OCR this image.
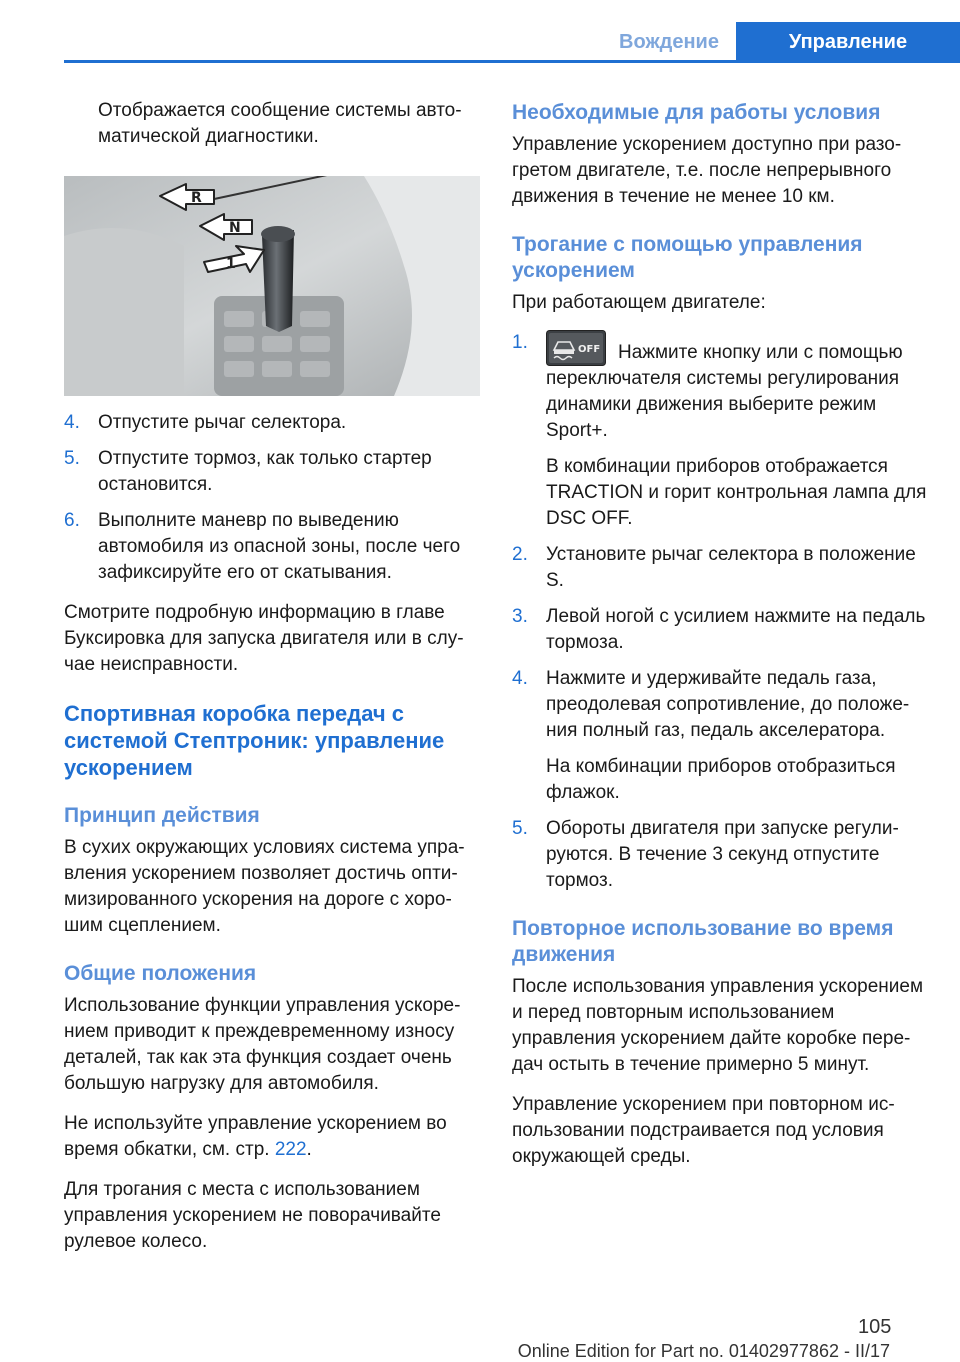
Вождение	Управление

Отображается сообщение системы автоматической диагностики.

R
N
1
4. Отпустите рычаг селектора.
5. Отпустите тормоз, как только стартер остановится.
6. Выполните маневр по выведению автомобиля из опасной зоны, после чего зафиксируйте его от скатывания.

Смотрите подробную информацию в главе Буксировка для запуска двигателя или в случае неисправности.

Спортивная коробка передач с системой Стептроник: управление ускорением
Принцип действия

В сухих окружающих условиях система управления ускорением позволяет достичь оптимизированного ускорения на дороге с хорошим сцеплением.

Общие положения

Использование функции управления ускорением приводит к преждевременному износу деталей, так как эта функция создает очень большую нагрузку для автомобиля.

Не используйте управление ускорением во время обкатки, см. стр. 222.

Для трогания с места с использованием управления ускорением не поворачивайте рулевое колесо.

Необходимые для работы условия

Управление ускорением доступно при разогретом двигателе, т.е. после непрерывного движения в течение не менее 10 км.

Трогание с помощью управления ускорением

При работающем двигателе:

1.	OFF Нажмите кнопку или с помощью переключателя системы регулирования динамики движения выберите режим Sport+.
В комбинации приборов отображается TRACTION и горит контрольная лампа для DSC OFF.
2. Установите рычаг селектора в положение S.
3. Левой ногой с усилием нажмите на педаль тормоза.
4. Нажмите и удерживайте педаль газа, преодолевая сопротивление, до положения полный газ, педаль акселератора.
На комбинации приборов отобразиться флажок.
5. Обороты двигателя при запуске регулируются. В течение 3 секунд отпустите тормоз.
Повторное использование во время движения

После использования управления ускорением и перед повторным использованием управления ускорением дайте коробке передач остыть в течение примерно 5 минут.

Управление ускорением при повторном использовании подстраивается под условия окружающей среды.

105
Online Edition for Part no. 01402977862 - II/17
